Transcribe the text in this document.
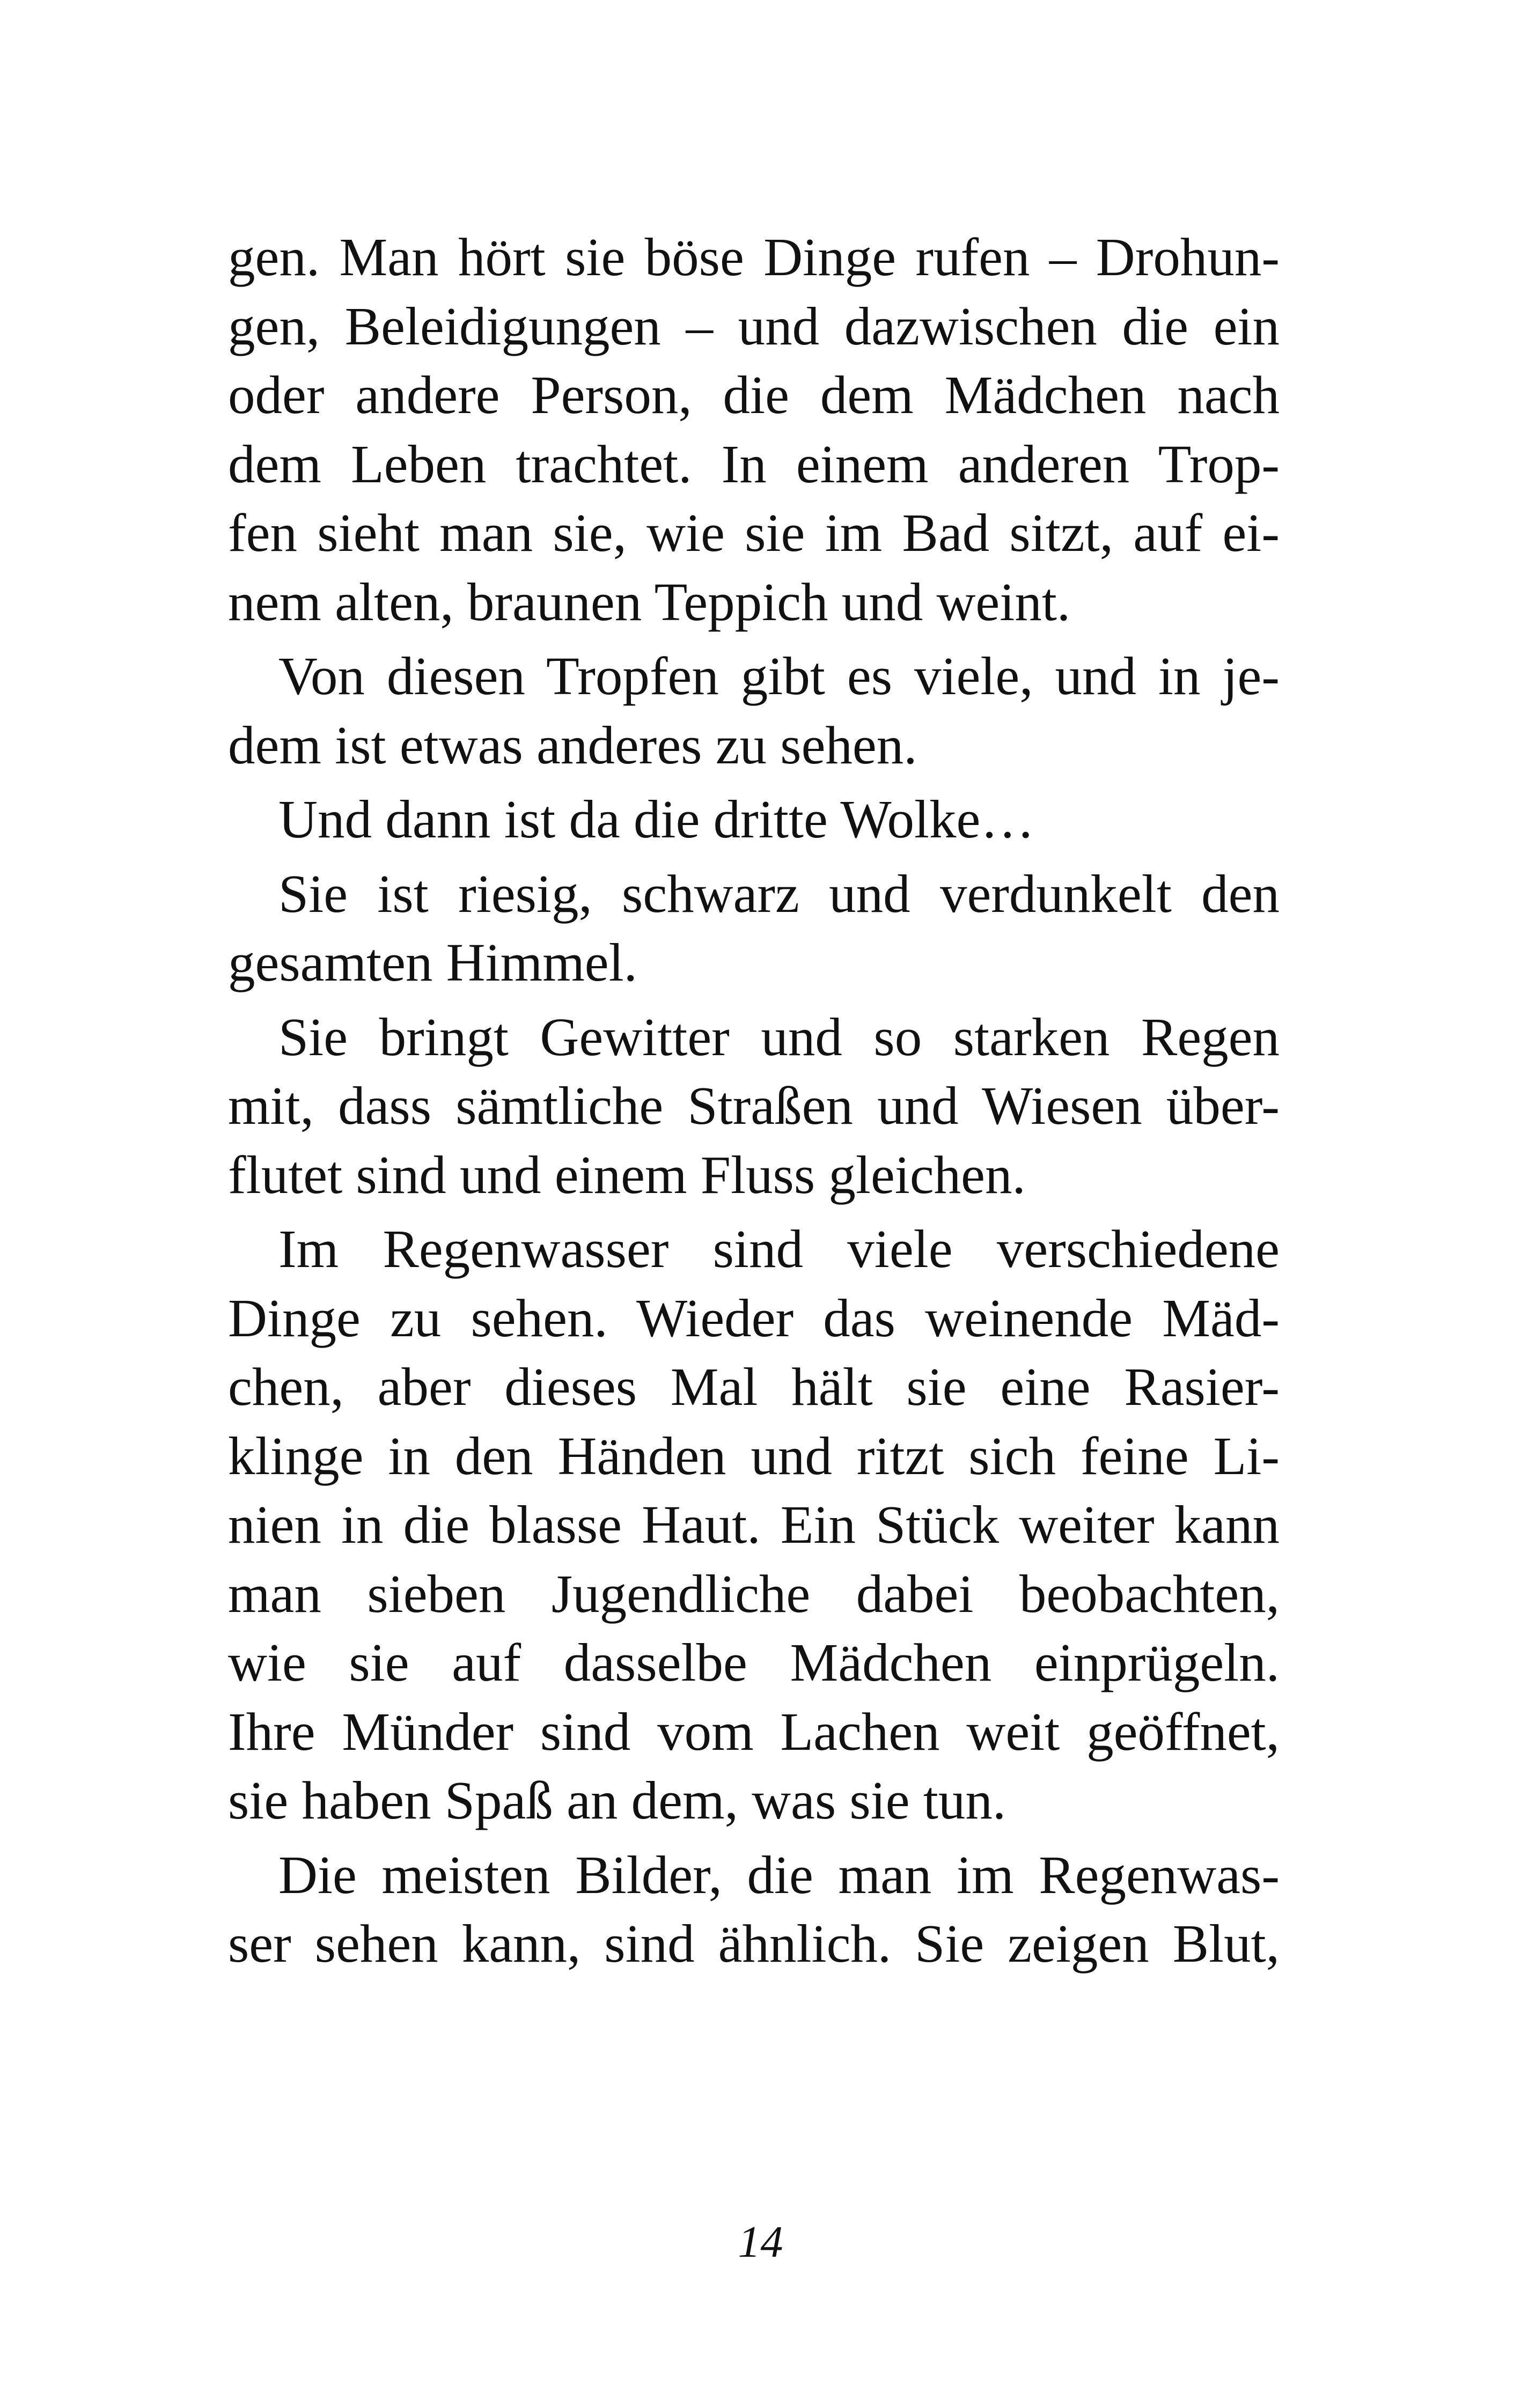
gen. Man hört sie böse Dinge rufen – Drohun-
gen, Beleidigungen – und dazwischen die ein
oder andere Person, die dem Mädchen nach
dem Leben trachtet. In einem anderen Trop-
fen sieht man sie, wie sie im Bad sitzt, auf ei-
nem alten, braunen Teppich und weint.
Von diesen Tropfen gibt es viele, und in je-
dem ist etwas anderes zu sehen.
Und dann ist da die dritte Wolke…
Sie ist riesig, schwarz und verdunkelt den
gesamten Himmel.
Sie bringt Gewitter und so starken Regen
mit, dass sämtliche Straßen und Wiesen über-
flutet sind und einem Fluss gleichen.
Im Regenwasser sind viele verschiedene
Dinge zu sehen. Wieder das weinende Mäd-
chen, aber dieses Mal hält sie eine Rasier-
klinge in den Händen und ritzt sich feine Li-
nien in die blasse Haut. Ein Stück weiter kann
man sieben Jugendliche dabei beobachten,
wie sie auf dasselbe Mädchen einprügeln.
Ihre Münder sind vom Lachen weit geöffnet,
sie haben Spaß an dem, was sie tun.
Die meisten Bilder, die man im Regenwas-
ser sehen kann, sind ähnlich. Sie zeigen Blut,
14
